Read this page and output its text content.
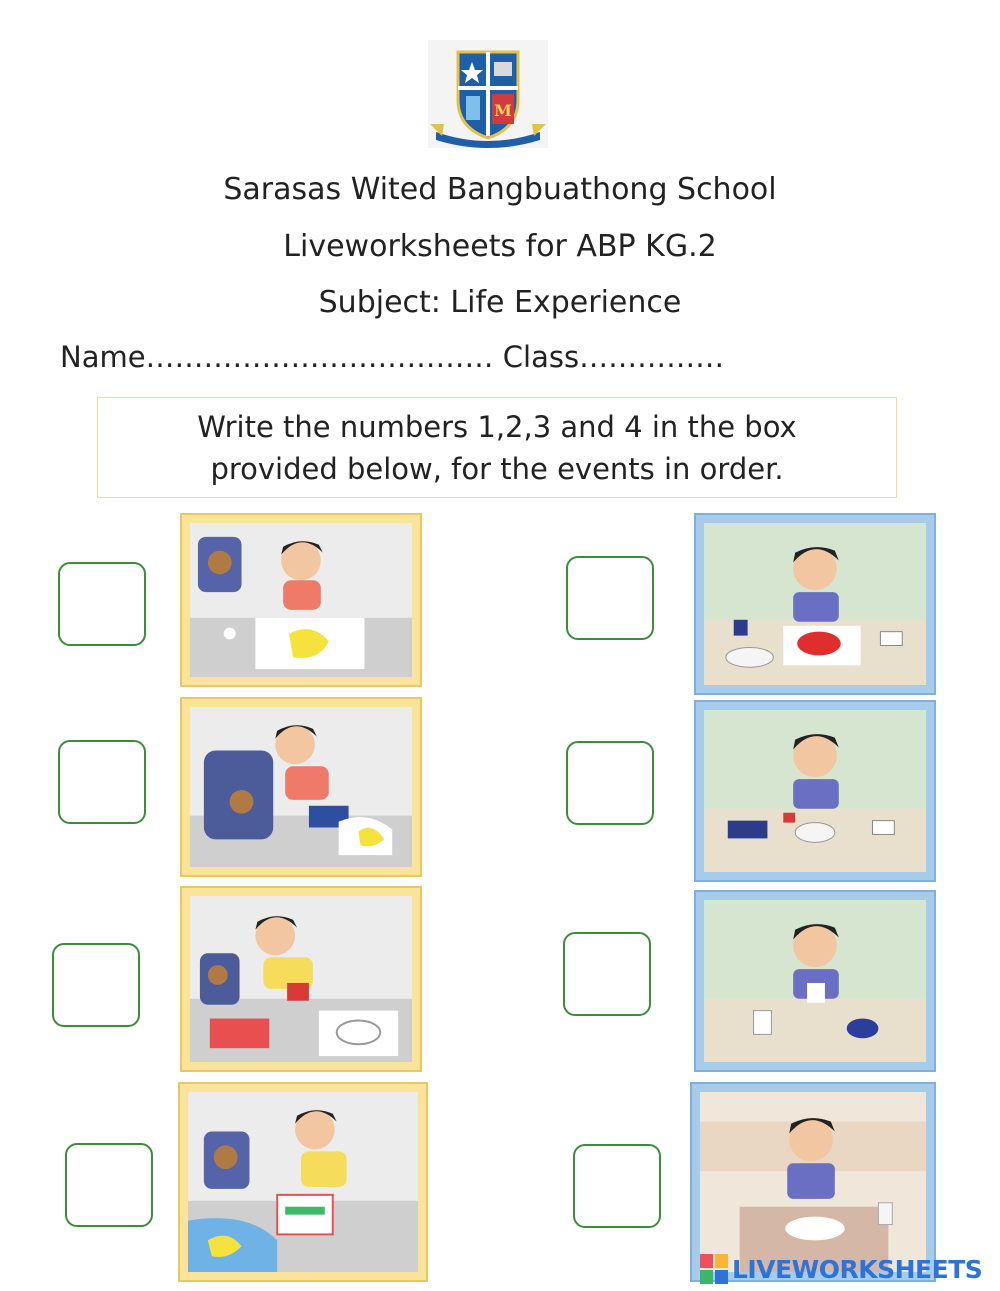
M
Sarasas Wited Bangbuathong School
Liveworksheets for ABP KG.2
Subject: Life Experience
Name……………………………… Class……………
Write the numbers 1,2,3 and 4 in the box
provided below, for the events in order.
LIVEWORKSHEETS
